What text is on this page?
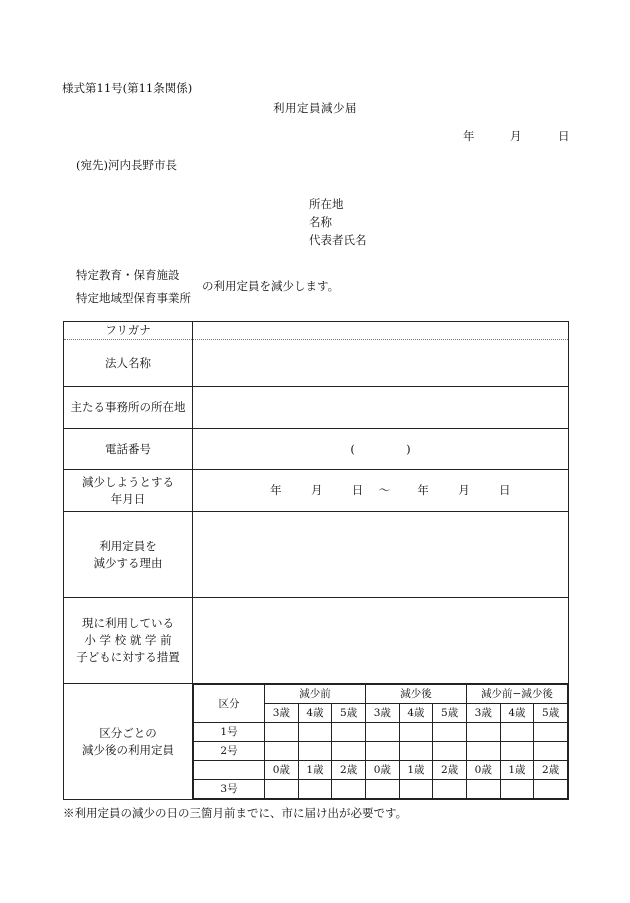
様式第11号(第11条関係)
利用定員減少届
年	月	日
(宛先)河内長野市長
所在地
名称
代表者氏名
特定教育・保育施設
特定地域型保育事業所
の利用定員を減少します。
フリガナ	
法人名称	
主たる事務所の所在地	
電話番号	(	)

減少しようとする
年月日
	年	月	日 〜 年	月	日

利用定員を
減少する理由

現に利用している
小 学 校 就 学 前
子どもに対する措置

区分ごとの
減少後の利用定員

区分	減少前	減少後	減少前−減少後
3歳	4歳	5歳	3歳	4歳	5歳	3歳	4歳	5歳
1号									
2号									
	0歳	1歳	2歳	0歳	1歳	2歳	0歳	1歳	2歳
3号									
※利用定員の減少の日の三箇月前までに、市に届け出が必要です。
